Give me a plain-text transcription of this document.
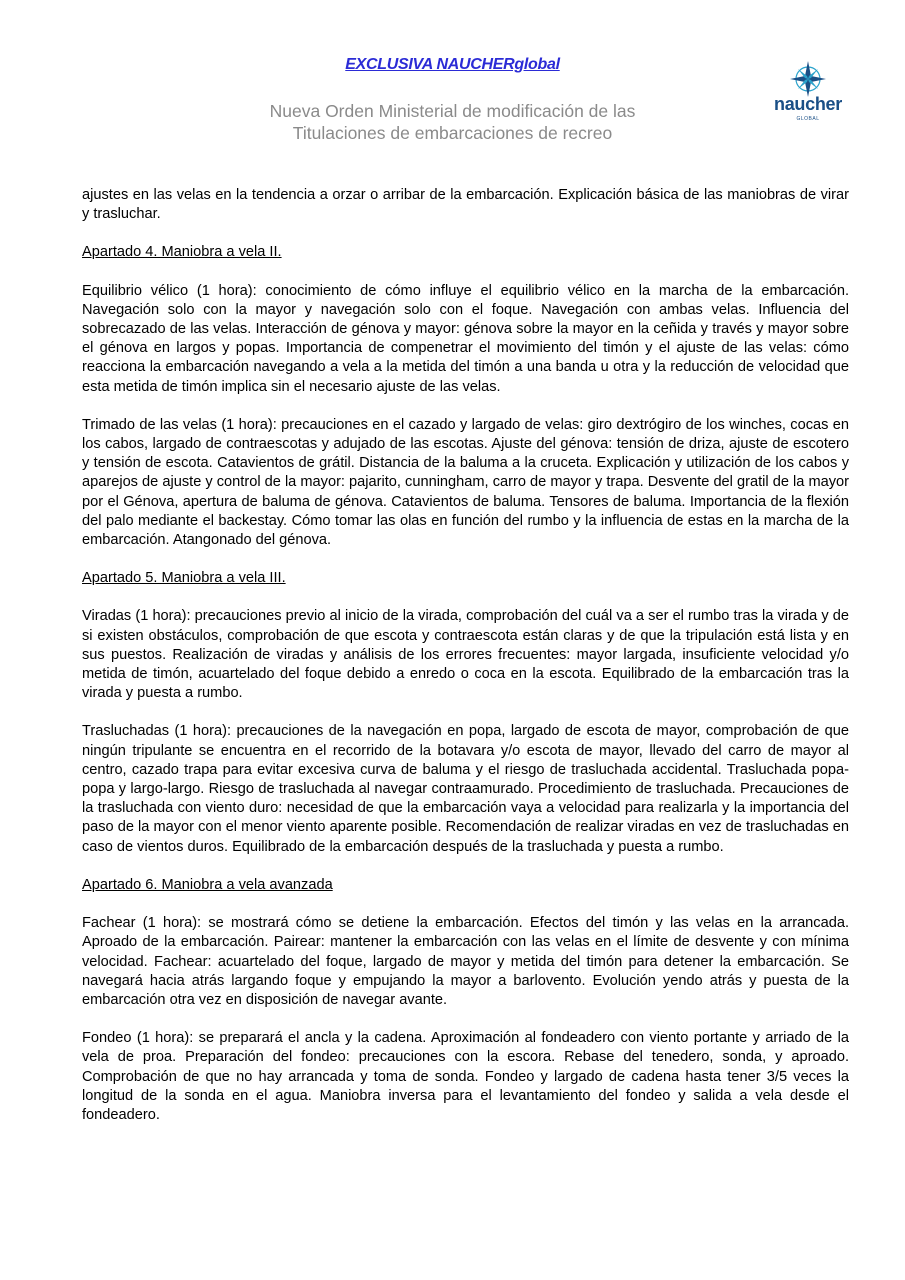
EXCLUSIVA NAUCHERglobal
Nueva Orden Ministerial de modificación de las
Titulaciones de embarcaciones de recreo
naucher
GLOBAL

ajustes en las velas en la tendencia a orzar o arribar de la embarcación. Explicación básica de las maniobras de virar y trasluchar.

Apartado 4. Maniobra a vela II.

Equilibrio vélico (1 hora): conocimiento de cómo influye el equilibrio vélico en la marcha de la embarcación. Navegación solo con la mayor y navegación solo con el foque. Navegación con ambas velas. Influencia del sobrecazado de las velas. Interacción de génova y mayor: génova sobre la mayor en la ceñida y través y mayor sobre el génova en largos y popas. Importancia de compenetrar el movimiento del timón y el ajuste de las velas: cómo reacciona la embarcación navegando a vela a la metida del timón a una banda u otra y la reducción de velocidad que esta metida de timón implica sin el necesario ajuste de las velas.

Trimado de las velas (1 hora): precauciones en el cazado y largado de velas: giro dextrógiro de los winches, cocas en los cabos, largado de contraescotas y adujado de las escotas. Ajuste del génova: tensión de driza, ajuste de escotero y tensión de escota. Catavientos de grátil. Distancia de la baluma a la cruceta. Explicación y utilización de los cabos y aparejos de ajuste y control de la mayor: pajarito, cunningham, carro de mayor y trapa. Desvente del gratil de la mayor por el Génova, apertura de baluma de génova. Catavientos de baluma. Tensores de baluma. Importancia de la flexión del palo mediante el backestay. Cómo tomar las olas en función del rumbo y la influencia de estas en la marcha de la embarcación. Atangonado del génova.

Apartado 5. Maniobra a vela III.

Viradas (1 hora): precauciones previo al inicio de la virada, comprobación del cuál va a ser el rumbo tras la virada y de si existen obstáculos, comprobación de que escota y contraescota están claras y de que la tripulación está lista y en sus puestos. Realización de viradas y análisis de los errores frecuentes: mayor largada, insuficiente velocidad y/o metida de timón, acuartelado del foque debido a enredo o coca en la escota. Equilibrado de la embarcación tras la virada y puesta a rumbo.

Trasluchadas (1 hora): precauciones de la navegación en popa, largado de escota de mayor, comprobación de que ningún tripulante se encuentra en el recorrido de la botavara y/o escota de mayor, llevado del carro de mayor al centro, cazado trapa para evitar excesiva curva de baluma y el riesgo de trasluchada accidental. Trasluchada popa-popa y largo-largo. Riesgo de trasluchada al navegar contraamurado. Procedimiento de trasluchada. Precauciones de la trasluchada con viento duro: necesidad de que la embarcación vaya a velocidad para realizarla y la importancia del paso de la mayor con el menor viento aparente posible. Recomendación de realizar viradas en vez de trasluchadas en caso de vientos duros. Equilibrado de la embarcación después de la trasluchada y puesta a rumbo.

Apartado 6. Maniobra a vela avanzada

Fachear (1 hora): se mostrará cómo se detiene la embarcación. Efectos del timón y las velas en la arrancada. Aproado de la embarcación. Pairear: mantener la embarcación con las velas en el límite de desvente y con mínima velocidad. Fachear: acuartelado del foque, largado de mayor y metida del timón para detener la embarcación. Se navegará hacia atrás largando foque y empujando la mayor a barlovento. Evolución yendo atrás y puesta de la embarcación otra vez en disposición de navegar avante.

Fondeo (1 hora): se preparará el ancla y la cadena. Aproximación al fondeadero con viento portante y arriado de la vela de proa. Preparación del fondeo: precauciones con la escora. Rebase del tenedero, sonda, y aproado. Comprobación de que no hay arrancada y toma de sonda. Fondeo y largado de cadena hasta tener 3/5 veces la longitud de la sonda en el agua. Maniobra inversa para el levantamiento del fondeo y salida a vela desde el fondeadero.
